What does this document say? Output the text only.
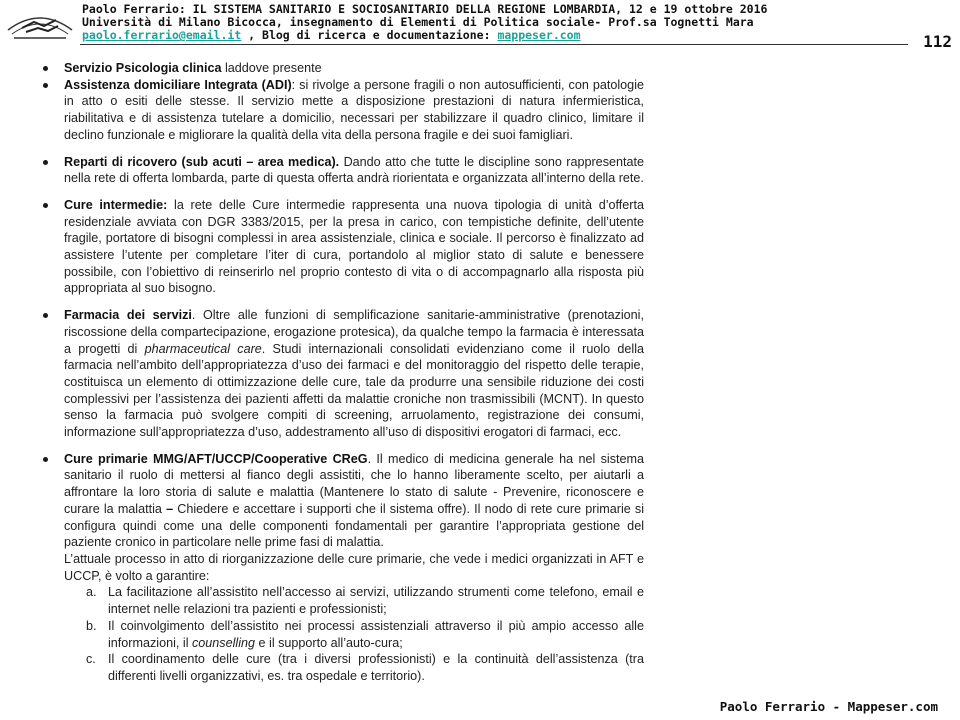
Paolo Ferrario: IL SISTEMA SANITARIO E SOCIOSANITARIO DELLA REGIONE LOMBARDIA, 12 e 19 ottobre 2016
Università di Milano Bicocca, insegnamento di Elementi di Politica sociale- Prof.sa Tognetti Mara
paolo.ferrario@email.it , Blog di ricerca e documentazione: mappeser.com	112
Servizio Psicologia clinica laddove presente
Assistenza domiciliare Integrata (ADI): si rivolge a persone fragili o non autosufficienti, con patologie in atto o esiti delle stesse. Il servizio mette a disposizione prestazioni di natura infermieristica, riabilitativa e di assistenza tutelare a domicilio, necessari per stabilizzare il quadro clinico, limitare il declino funzionale e migliorare la qualità della vita della persona fragile e dei suoi famigliari.
Reparti di ricovero (sub acuti – area medica). Dando atto che tutte le discipline sono rappresentate nella rete di offerta lombarda, parte di questa offerta andrà riorientata e organizzata all’interno della rete.
Cure intermedie: la rete delle Cure intermedie rappresenta una nuova tipologia di unità d’offerta residenziale avviata con DGR 3383/2015, per la presa in carico, con tempistiche definite, dell’utente fragile, portatore di bisogni complessi in area assistenziale, clinica e sociale. Il percorso è finalizzato ad assistere l’utente per completare l’iter di cura, portandolo al miglior stato di salute e benessere possibile, con l’obiettivo di reinserirlo nel proprio contesto di vita o di accompagnarlo alla risposta più appropriata al suo bisogno.
Farmacia dei servizi. Oltre alle funzioni di semplificazione sanitarie-amministrative (prenotazioni, riscossione della compartecipazione, erogazione protesica), da qualche tempo la farmacia è interessata a progetti di pharmaceutical care. Studi internazionali consolidati evidenziano come il ruolo della farmacia nell’ambito dell’appropriatezza d’uso dei farmaci e del monitoraggio del rispetto delle terapie, costituisca un elemento di ottimizzazione delle cure, tale da produrre una sensibile riduzione dei costi complessivi per l’assistenza dei pazienti affetti da malattie croniche non trasmissibili (MCNT). In questo senso la farmacia può svolgere compiti di screening, arruolamento, registrazione dei consumi, informazione sull’appropriatezza d’uso, addestramento all’uso di dispositivi erogatori di farmaci, ecc.

Cure primarie MMG/AFT/UCCP/Cooperative CReG. Il medico di medicina generale ha nel sistema sanitario il ruolo di mettersi al fianco degli assistiti, che lo hanno liberamente scelto, per aiutarli a affrontare la loro storia di salute e malattia (Mantenere lo stato di salute - Prevenire, riconoscere e curare la malattia – Chiedere e accettare i supporti che il sistema offre). Il nodo di rete cure primarie si configura quindi come una delle componenti fondamentali per garantire l’appropriata gestione del paziente cronico in particolare nelle prime fasi di malattia.

L’attuale processo in atto di riorganizzazione delle cure primarie, che vede i medici organizzati in AFT e UCCP, è volto a garantire:

a. La facilitazione all’assistito nell’accesso ai servizi, utilizzando strumenti come telefono, email e internet nelle relazioni tra pazienti e professionisti;
b. Il coinvolgimento dell’assistito nei processi assistenziali attraverso il più ampio accesso alle informazioni, il counselling e il supporto all’auto-cura;
c. Il coordinamento delle cure (tra i diversi professionisti) e la continuità dell’assistenza (tra differenti livelli organizzativi, es. tra ospedale e territorio).
Paolo Ferrario - Mappeser.com
